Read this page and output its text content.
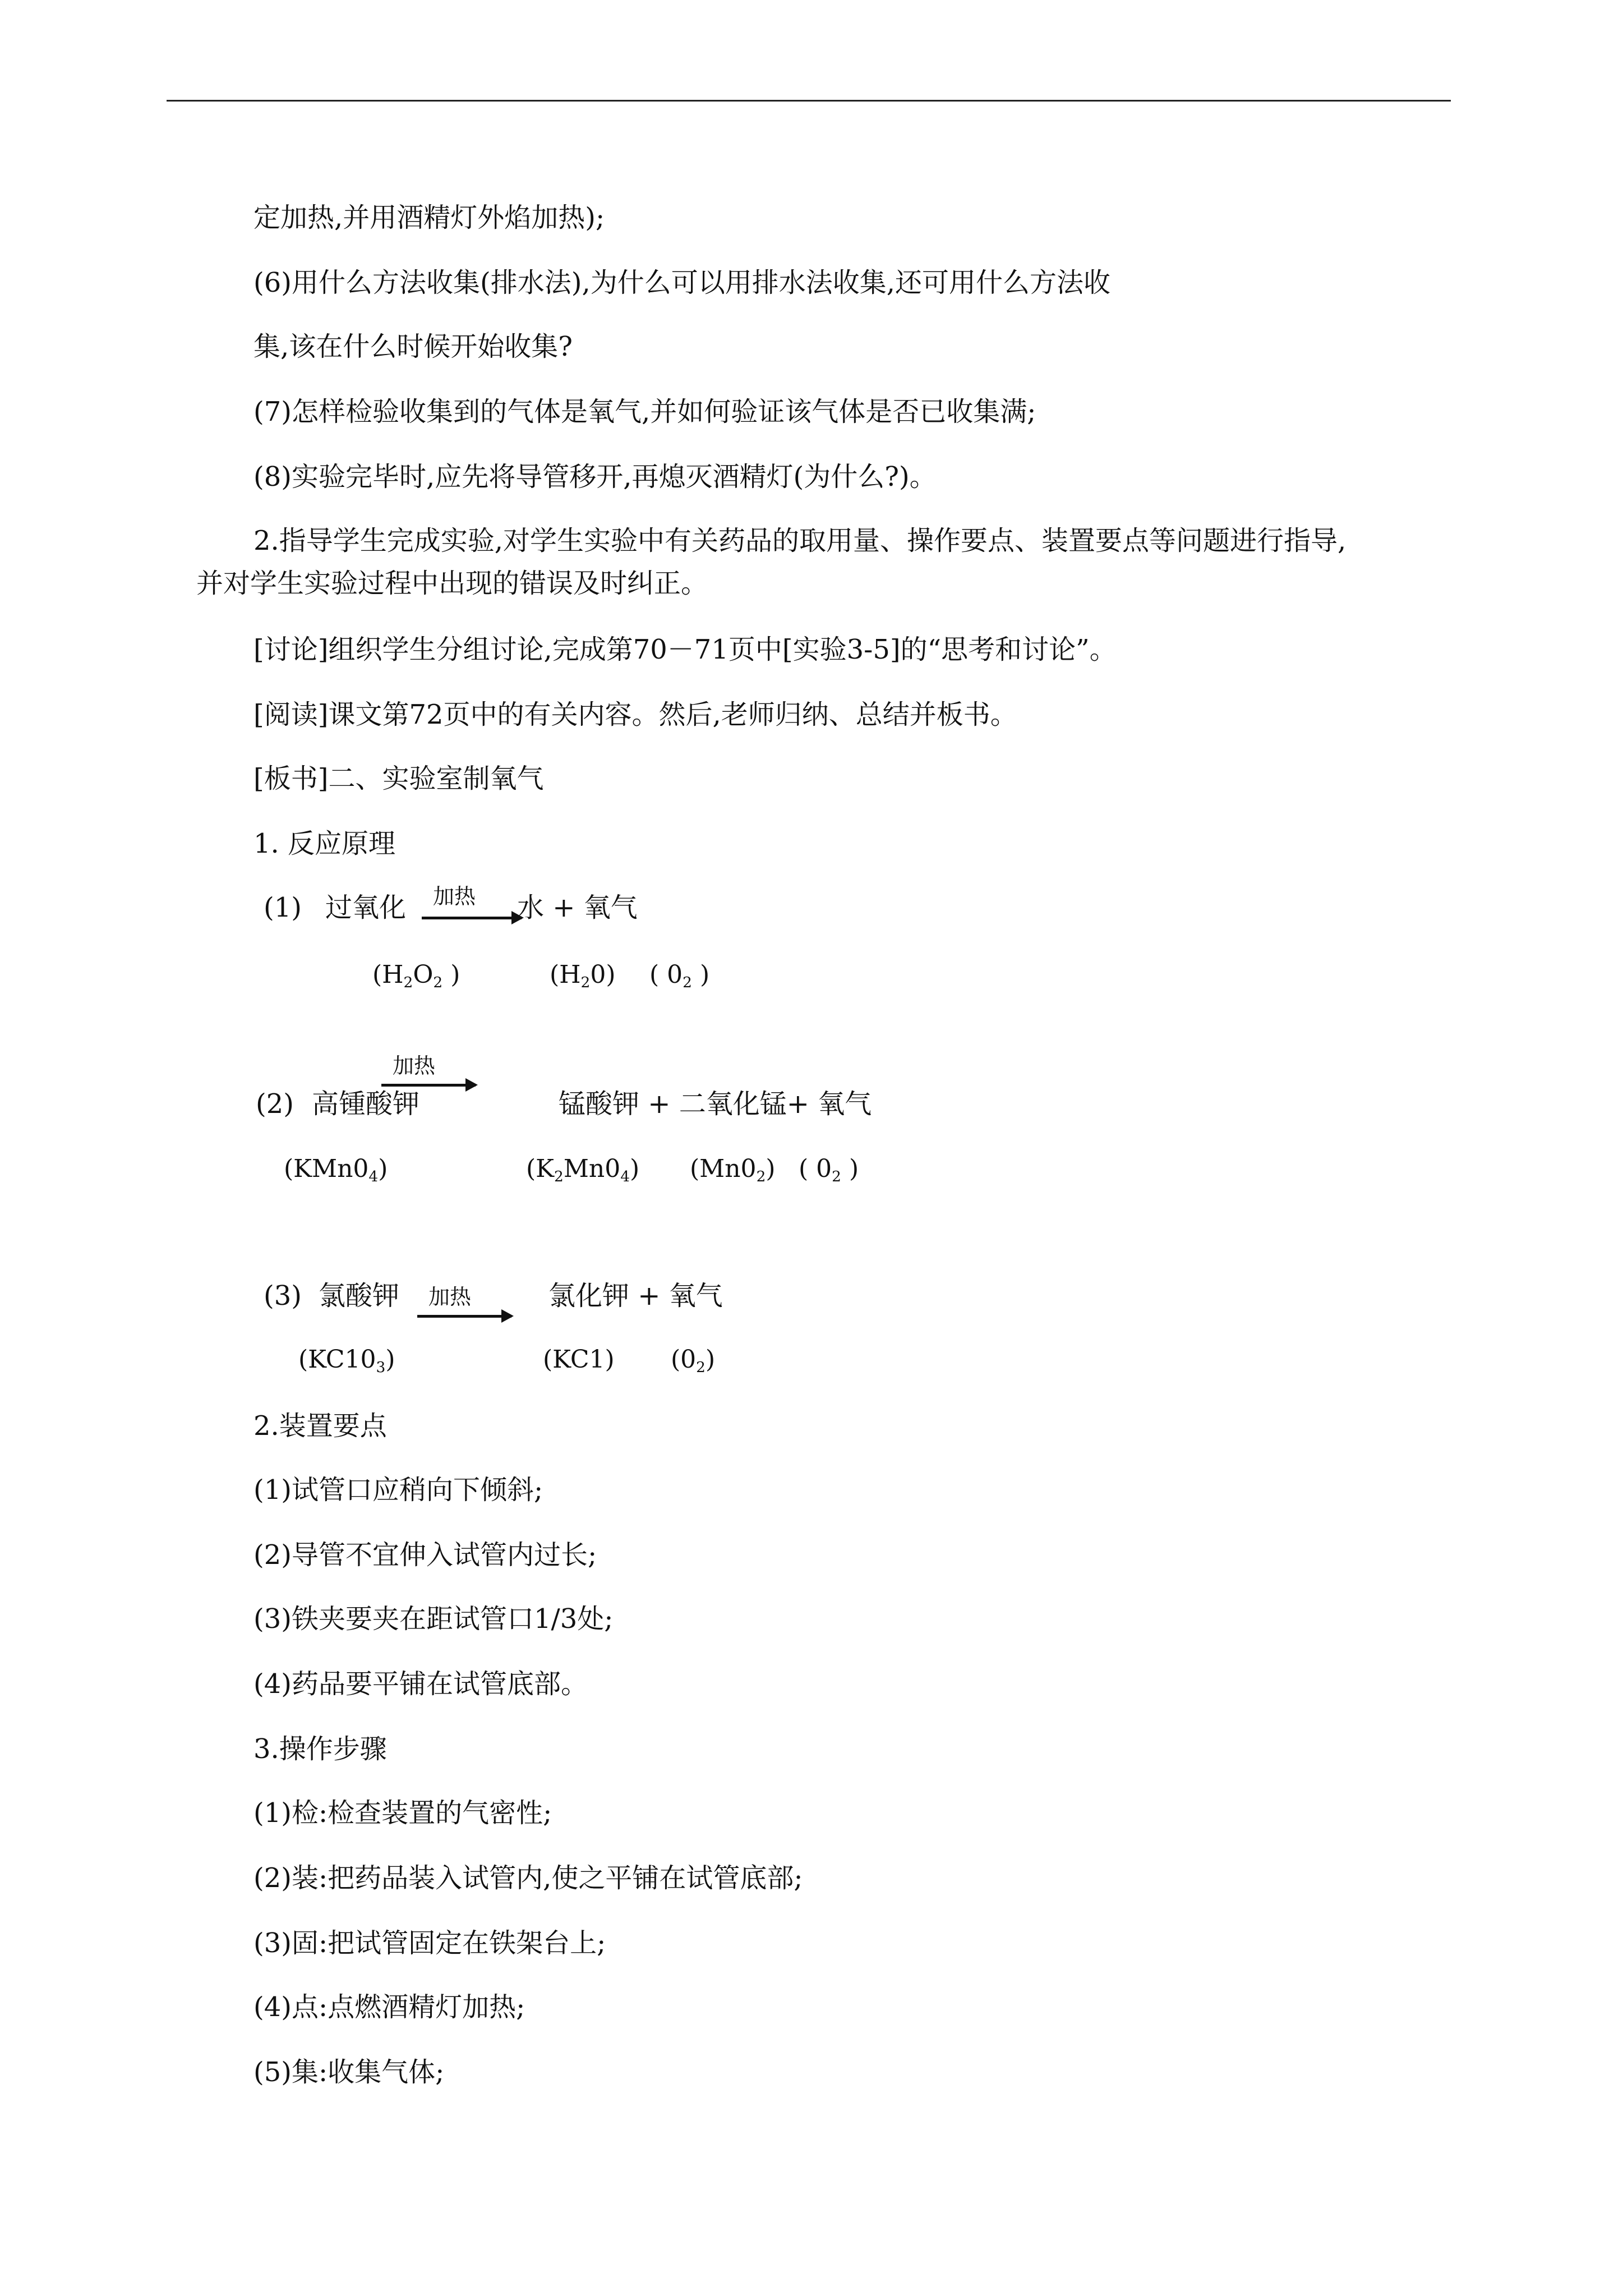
定加热,并用酒精灯外焰加热);
(6)用什么方法收集(排水法),为什么可以用排水法收集,还可用什么方法收
集,该在什么时候开始收集?
(7)怎样检验收集到的气体是氧气,并如何验证该气体是否已收集满;
(8)实验完毕时,应先将导管移开,再熄灭酒精灯(为什么?)。
2.指导学生完成实验,对学生实验中有关药品的取用量、操作要点、装置要点等问题进行指导,
并对学生实验过程中出现的错误及时纠正。
[讨论]组织学生分组讨论,完成第70－71页中[实验3-5]的“思考和讨论”。
[阅读]课文第72页中的有关内容。然后,老师归纳、总结并板书。
[板书]二、实验室制氧气
1. 反应原理
(1) 过氧化 加热 水 + 氧气
($H_2O_2$ )	$(H_20)$ ( $0_2$ )
加热
(2) 高锺酸钾	锰酸钾 + 二氧化锰+ 氧气
$(KMn0_4)$	$(K_2Mn0_4)$ $(Mn0_2)$ ( $0_2$ )
(3) 氯酸钾 加热	氯化钾 + 氧气
$(KC10_3)$	(KC1) $(0_2)$
2.装置要点
(1)试管口应稍向下倾斜;
(2)导管不宜伸入试管内过长;
(3)铁夹要夹在距试管口1/3处;
(4)药品要平铺在试管底部。
3.操作步骤
(1)检:检查装置的气密性;
(2)装:把药品装入试管内,使之平铺在试管底部;
(3)固:把试管固定在铁架台上;
(4)点:点燃酒精灯加热;
(5)集:收集气体;
